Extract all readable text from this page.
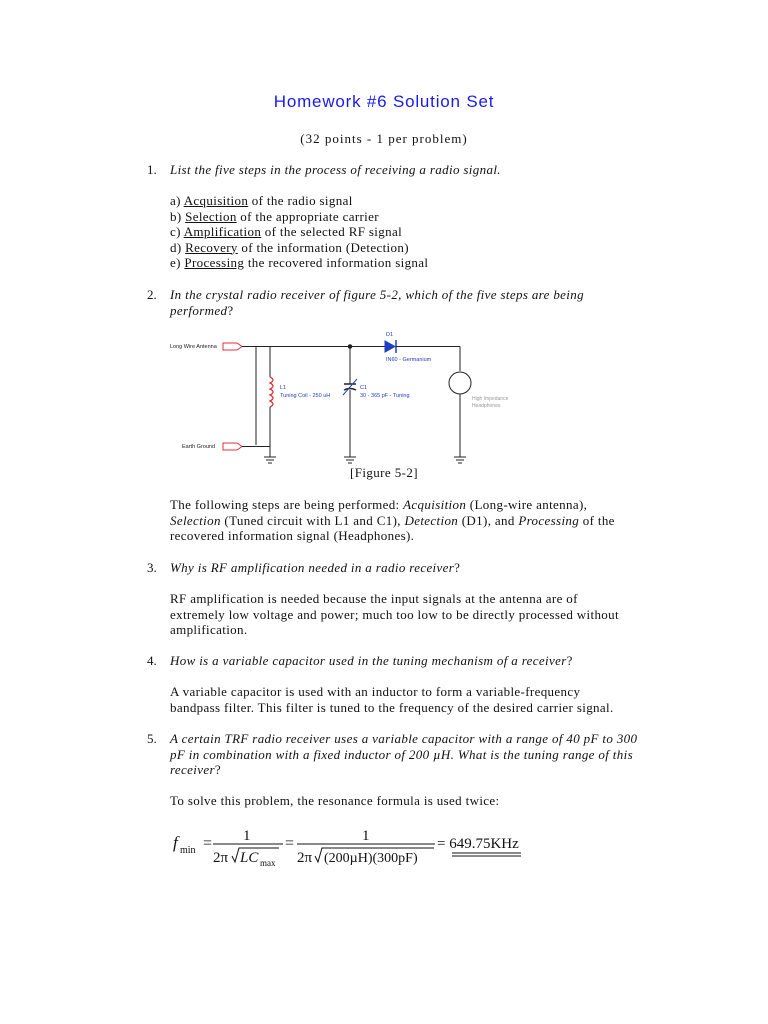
Homework #6 Solution Set
(32 points - 1 per problem)
1. List the five steps in the process of receiving a radio signal.
a) Acquisition of the radio signal
b) Selection of the appropriate carrier
c) Amplification of the selected RF signal
d) Recovery of the information (Detection)
e) Processing the recovered information signal
2. In the crystal radio receiver of figure 5-2, which of the five steps are being
performed?
Long Wire Antenna
Earth Ground
D1
IN60 - Germanium
L1
Tuning Coil - 250 uH
C1
30 - 365 pF - Tuning	High Impedance
Headphones
[Figure 5-2]
The following steps are being performed: Acquisition (Long-wire antenna),
Selection (Tuned circuit with L1 and C1), Detection (D1), and Processing of the
recovered information signal (Headphones).
3. Why is RF amplification needed in a radio receiver?
RF amplification is needed because the input signals at the antenna are of
extremely low voltage and power; much too low to be directly processed without
amplification.
4. How is a variable capacitor used in the tuning mechanism of a receiver?
A variable capacitor is used with an inductor to form a variable-frequency
bandpass filter. This filter is tuned to the frequency of the desired carrier signal.
5. A certain TRF radio receiver uses a variable capacitor with a range of 40 pF to 300
pF in combination with a fixed inductor of 200 µH. What is the tuning range of this
receiver?
To solve this problem, the resonance formula is used twice:
f min = 1
2π LC max
=	1
2π (200µH)(300pF)
= 649.75KHz
